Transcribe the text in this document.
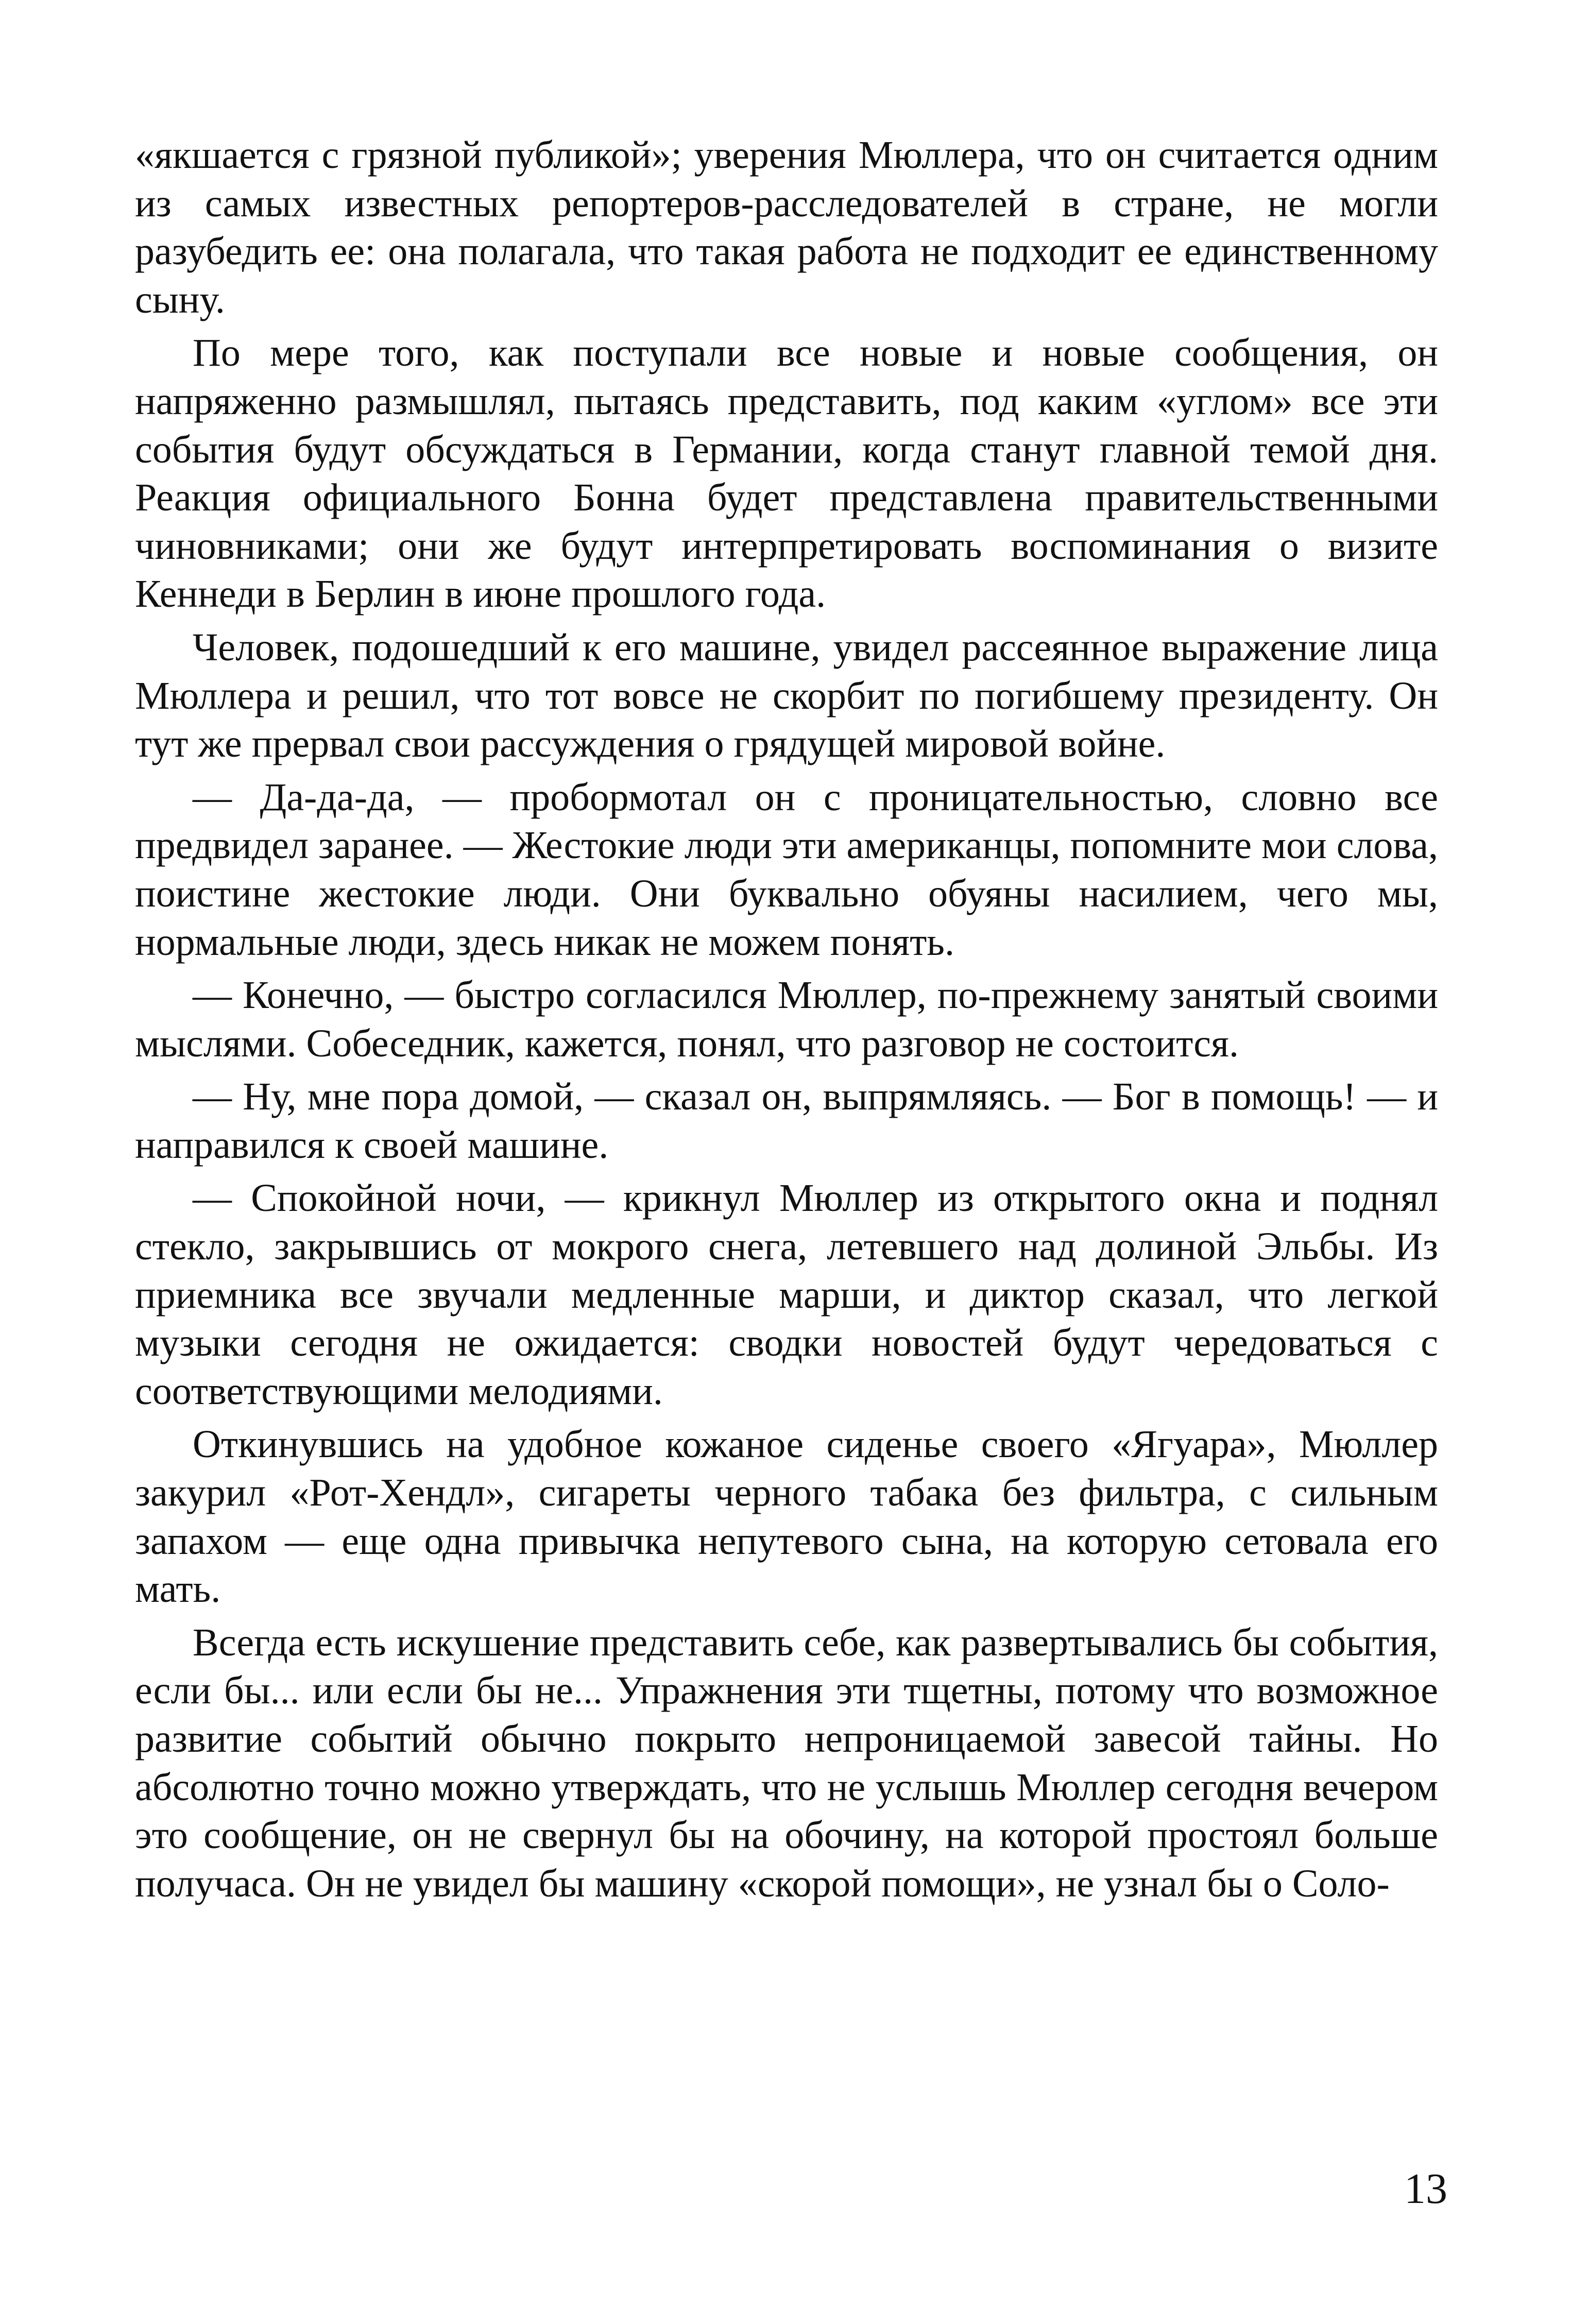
«якшается с грязной публикой»; уверения Мюллера, что он считается одним из самых известных репортеров-расследователей в стране, не могли разубедить ее: она полагала, что такая работа не подходит ее единственному сыну.

По мере того, как поступали все новые и новые сообщения, он напряженно размышлял, пытаясь представить, под каким «углом» все эти события будут обсуждаться в Германии, когда станут главной темой дня. Реакция официального Бонна будет представлена правительственными чиновниками; они же будут интерпретировать воспоминания о визите Кеннеди в Берлин в июне прошлого года.

Человек, подошедший к его машине, увидел рассеянное выражение лица Мюллера и решил, что тот вовсе не скорбит по погибшему президенту. Он тут же прервал свои рассуждения о грядущей мировой войне.

— Да-да-да, — пробормотал он с проницательностью, словно все предвидел заранее. — Жестокие люди эти американцы, попомните мои слова, поистине жестокие люди. Они буквально обуяны насилием, чего мы, нормальные люди, здесь никак не можем понять.

— Конечно, — быстро согласился Мюллер, по-прежнему занятый своими мыслями. Собеседник, кажется, понял, что разговор не состоится.

— Ну, мне пора домой, — сказал он, выпрямляясь. — Бог в помощь! — и направился к своей машине.

— Спокойной ночи, — крикнул Мюллер из открытого окна и поднял стекло, закрывшись от мокрого снега, летевшего над долиной Эльбы. Из приемника все звучали медленные марши, и диктор сказал, что легкой музыки сегодня не ожидается: сводки новостей будут чередоваться с соответствующими мелодиями.

Откинувшись на удобное кожаное сиденье своего «Ягуара», Мюллер закурил «Рот-Хендл», сигареты черного табака без фильтра, с сильным запахом — еще одна привычка непутевого сына, на которую сетовала его мать.

Всегда есть искушение представить себе, как развертывались бы события, если бы... или если бы не... Упражнения эти тщетны, потому что возможное развитие событий обычно покрыто непроницаемой завесой тайны. Но абсолютно точно можно утверждать, что не услышь Мюллер сегодня вечером это сообщение, он не свернул бы на обочину, на которой простоял больше получаса. Он не увидел бы машину «скорой помощи», не узнал бы о Соло-

13
